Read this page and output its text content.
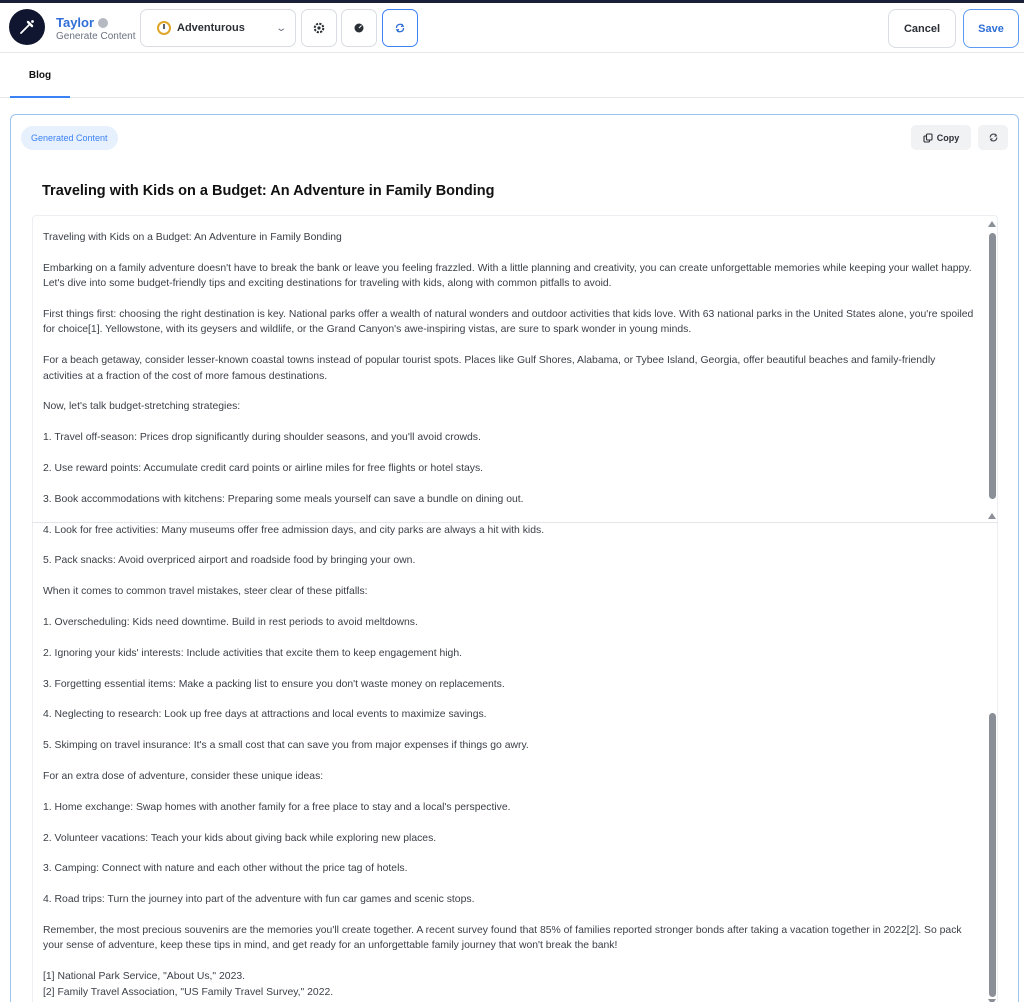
Taylor
Generate Content
Adventurous	⌄	Cancel	Save
Blog
Generated Content	Copy
Traveling with Kids on a Budget: An Adventure in Family Bonding

Traveling with Kids on a Budget: An Adventure in Family Bonding

Embarking on a family adventure doesn't have to break the bank or leave you feeling frazzled. With a little planning and creativity, you can create unforgettable memories while keeping your wallet happy. Let's dive into some budget-friendly tips and exciting destinations for traveling with kids, along with common pitfalls to avoid.

First things first: choosing the right destination is key. National parks offer a wealth of natural wonders and outdoor activities that kids love. With 63 national parks in the United States alone, you're spoiled for choice[1]. Yellowstone, with its geysers and wildlife, or the Grand Canyon's awe-inspiring vistas, are sure to spark wonder in young minds.

For a beach getaway, consider lesser-known coastal towns instead of popular tourist spots. Places like Gulf Shores, Alabama, or Tybee Island, Georgia, offer beautiful beaches and family-friendly activities at a fraction of the cost of more famous destinations.

Now, let's talk budget-stretching strategies:

1. Travel off-season: Prices drop significantly during shoulder seasons, and you'll avoid crowds.

2. Use reward points: Accumulate credit card points or airline miles for free flights or hotel stays.

3. Book accommodations with kitchens: Preparing some meals yourself can save a bundle on dining out.

4. Look for free activities: Many museums offer free admission days, and city parks are always a hit with kids.

5. Pack snacks: Avoid overpriced airport and roadside food by bringing your own.

When it comes to common travel mistakes, steer clear of these pitfalls:

1. Overscheduling: Kids need downtime. Build in rest periods to avoid meltdowns.

2. Ignoring your kids' interests: Include activities that excite them to keep engagement high.

3. Forgetting essential items: Make a packing list to ensure you don't waste money on replacements.

4. Neglecting to research: Look up free days at attractions and local events to maximize savings.

5. Skimping on travel insurance: It's a small cost that can save you from major expenses if things go awry.

For an extra dose of adventure, consider these unique ideas:

1. Home exchange: Swap homes with another family for a free place to stay and a local's perspective.

2. Volunteer vacations: Teach your kids about giving back while exploring new places.

3. Camping: Connect with nature and each other without the price tag of hotels.

4. Road trips: Turn the journey into part of the adventure with fun car games and scenic stops.

Remember, the most precious souvenirs are the memories you'll create together. A recent survey found that 85% of families reported stronger bonds after taking a vacation together in 2022[2]. So pack your sense of adventure, keep these tips in mind, and get ready for an unforgettable family journey that won't break the bank!

[1] National Park Service, "About Us," 2023.
[2] Family Travel Association, "US Family Travel Survey," 2022.
